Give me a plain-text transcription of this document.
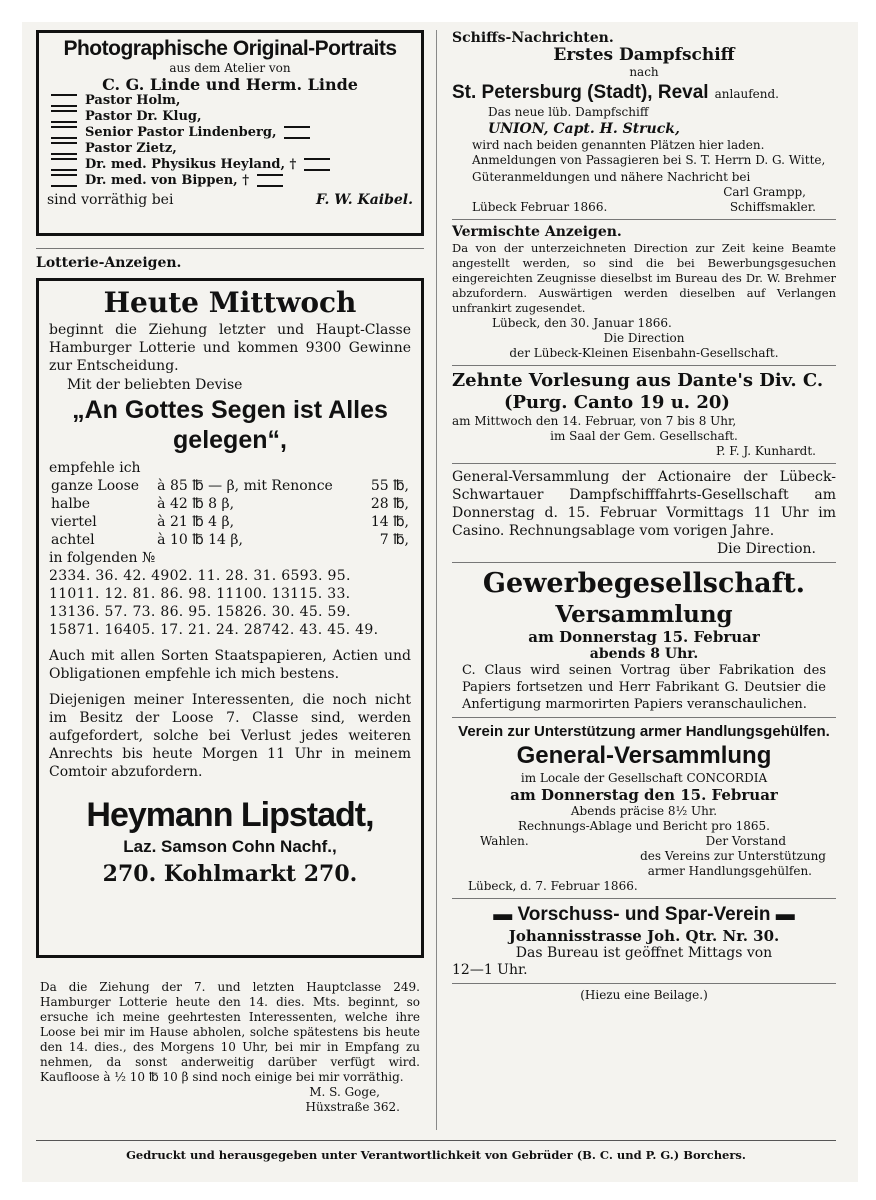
Photographische Original-Portraits
aus dem Atelier von
C. G. Linde und Herm. Linde
Pastor Holm,
Pastor Dr. Klug,
Senior Pastor Lindenberg,
Pastor Zietz,
Dr. med. Physikus Heyland, †
Dr. med. von Bippen, †
sind vorräthig bei	F. W. Kaibel.
Lotterie-Anzeigen.
Heute Mittwoch
beginnt die Ziehung letzter und Haupt-Classe Hamburger Lotterie und kommen 9300 Gewinne zur Entscheidung.
Mit der beliebten Devise
„An Gottes Segen ist Alles gelegen“,
empfehle ich
ganze Loose	à 85 ℔ — β, mit Renonce	55 ℔,
halbe	à 42 ℔ 8 β,	28 ℔,
viertel	à 21 ℔ 4 β,	14 ℔,
achtel	à 10 ℔ 14 β,	7 ℔,
in folgenden №
2334. 36. 42. 4902. 11. 28. 31. 6593. 95.
11011. 12. 81. 86. 98. 11100. 13115. 33.
13136. 57. 73. 86. 95. 15826. 30. 45. 59.
15871. 16405. 17. 21. 24. 28742. 43. 45. 49.
Auch mit allen Sorten Staatspapieren, Actien und Obligationen empfehle ich mich bestens.
Diejenigen meiner Interessenten, die noch nicht im Besitz der Loose 7. Classe sind, werden aufgefordert, solche bei Verlust jedes weiteren Anrechts bis heute Morgen 11 Uhr in meinem Comtoir abzufordern.
Heymann Lipstadt,
Laz. Samson Cohn Nachf.,
270. Kohlmarkt 270.
Da die Ziehung der 7. und letzten Hauptclasse 249. Hamburger Lotterie heute den 14. dies. Mts. beginnt, so ersuche ich meine geehrtesten Interessenten, welche ihre Loose bei mir im Hause abholen, solche spätestens bis heute den 14. dies., des Morgens 10 Uhr, bei mir in Empfang zu nehmen, da sonst anderweitig darüber verfügt wird. Kaufloose à ½ 10 ℔ 10 β sind noch einige bei mir vorräthig.
M. S. Goge,
Hüxstraße 362.
Schiffs-Nachrichten.
Erstes Dampfschiff
nach
St. Petersburg (Stadt), Reval anlaufend.
Das neue lüb. Dampfschiff
UNION, Capt. H. Struck,
wird nach beiden genannten Plätzen hier laden.
Anmeldungen von Passagieren bei S. T. Herrn D. G. Witte,
Güteranmeldungen und nähere Nachricht bei
Carl Grampp,
Lübeck Februar 1866.	Schiffsmakler.
Vermischte Anzeigen.
Da von der unterzeichneten Direction zur Zeit keine Beamte angestellt werden, so sind die bei Bewerbungsgesuchen eingereichten Zeugnisse dieselbst im Bureau des Dr. W. Brehmer abzufordern. Auswärtigen werden dieselben auf Verlangen unfrankirt zugesendet.
Lübeck, den 30. Januar 1866.
Die Direction
der Lübeck-Kleinen Eisenbahn-Gesellschaft.
Zehnte Vorlesung aus Dante's Div. C.
(Purg. Canto 19 u. 20)
am Mittwoch den 14. Februar, von 7 bis 8 Uhr,
im Saal der Gem. Gesellschaft.
P. F. J. Kunhardt.
General-Versammlung der Actionaire der Lübeck-Schwartauer Dampfschifffahrts-Gesellschaft am Donnerstag d. 15. Februar Vormittags 11 Uhr im Casino. Rechnungsablage vom vorigen Jahre.
Die Direction.
Gewerbegesellschaft.
Versammlung
am Donnerstag 15. Februar
abends 8 Uhr.
C. Claus wird seinen Vortrag über Fabrikation des Papiers fortsetzen und Herr Fabrikant G. Deutsier die Anfertigung marmorirten Papiers veranschaulichen.
Verein zur Unterstützung armer Handlungsgehülfen.
General-Versammlung
im Locale der Gesellschaft CONCORDIA
am Donnerstag den 15. Februar
Abends präcise 8½ Uhr.
Rechnungs-Ablage und Bericht pro 1865.
Wahlen.	Der Vorstand
des Vereins zur Unterstützung
armer Handlungsgehülfen.
Lübeck, d. 7. Februar 1866.
▬ Vorschuss- und Spar-Verein ▬
Johannisstrasse Joh. Qtr. Nr. 30.
Das Bureau ist geöffnet Mittags von
12—1 Uhr.
(Hiezu eine Beilage.)
Gedruckt und herausgegeben unter Verantwortlichkeit von Gebrüder (B. C. und P. G.) Borchers.
